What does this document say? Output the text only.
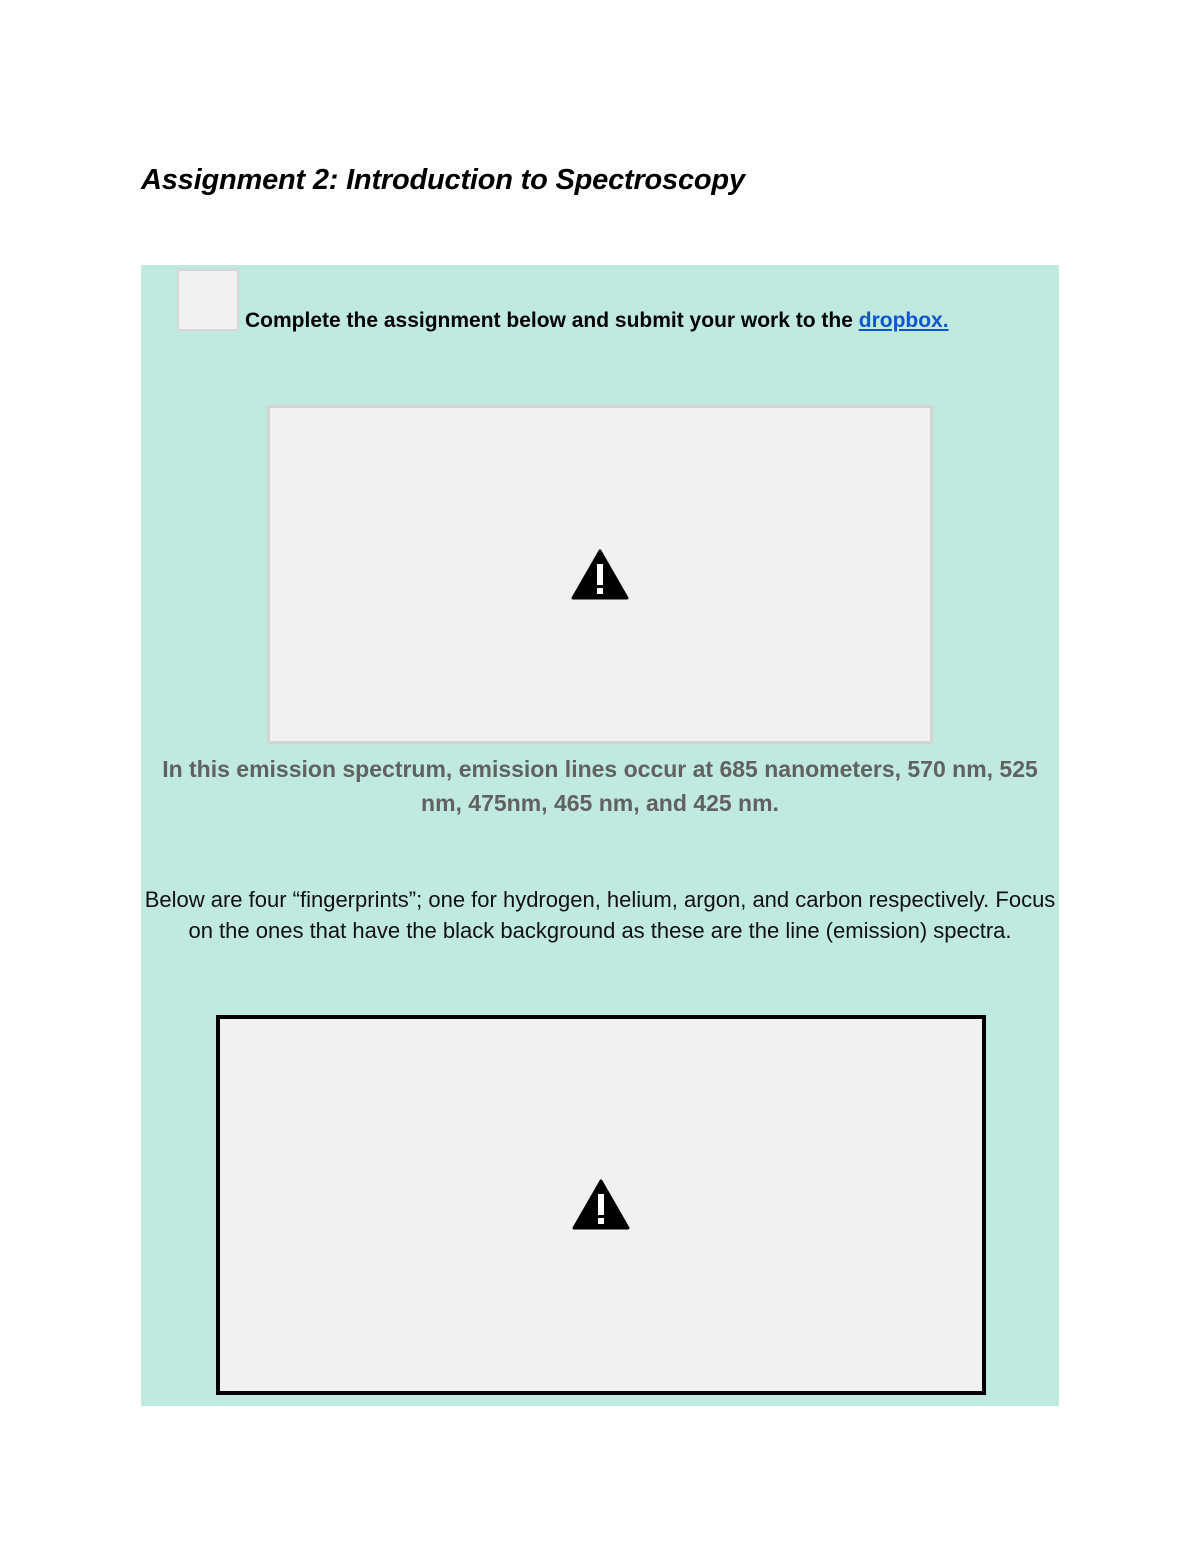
Assignment 2: Introduction to Spectroscopy

Complete the assignment below and submit your work to the dropbox.

In this emission spectrum, emission lines occur at 685 nanometers, 570 nm, 525 nm, 475nm, 465 nm, and 425 nm.

Below are four “fingerprints”; one for hydrogen, helium, argon, and carbon respectively. Focus on the ones that have the black background as these are the line (emission) spectra.
